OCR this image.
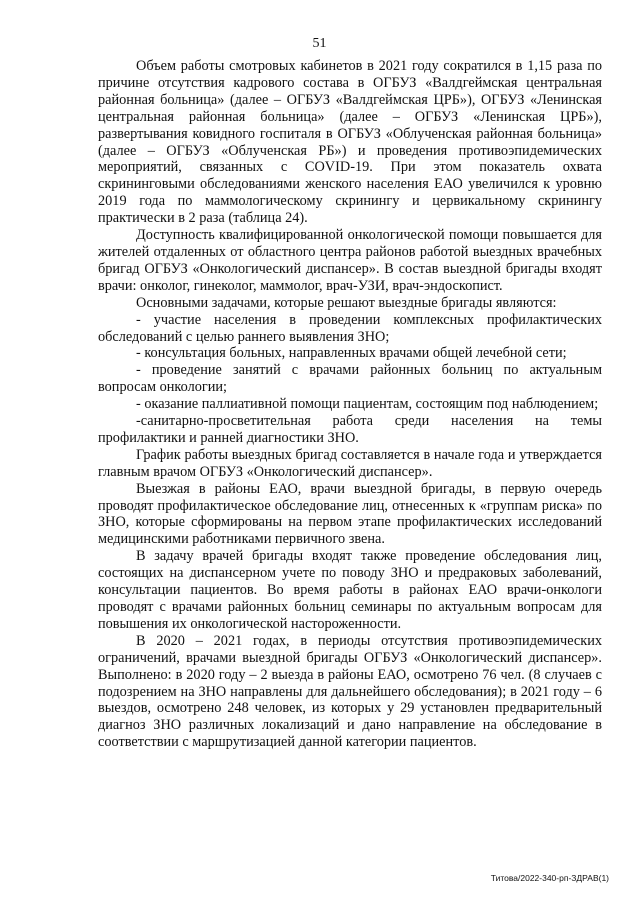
51

Объем работы смотровых кабинетов в 2021 году сократился в 1,15 раза по причине отсутствия кадрового состава в ОГБУЗ «Валдгеймская центральная районная больница» (далее – ОГБУЗ «Валдгеймская ЦРБ»), ОГБУЗ «Ленинская центральная районная больница» (далее – ОГБУЗ «Ленинская ЦРБ»), развертывания ковидного госпиталя в ОГБУЗ «Облученская районная больница» (далее – ОГБУЗ «Облученская РБ») и проведения противоэпидемических мероприятий, связанных с COVID-19. При этом показатель охвата скрининговыми обследованиями женского населения ЕАО увеличился к уровню 2019 года по маммологическому скринингу и цервикальному скринингу практически в 2 раза (таблица 24).

Доступность квалифицированной онкологической помощи повышается для жителей отдаленных от областного центра районов работой выездных врачебных бригад ОГБУЗ «Онкологический диспансер». В состав выездной бригады входят врачи: онколог, гинеколог, маммолог, врач-УЗИ, врач-эндоскопист.

Основными задачами, которые решают выездные бригады являются:

- участие населения в проведении комплексных профилактических обследований с целью раннего выявления ЗНО;

- консультация больных, направленных врачами общей лечебной сети;

- проведение занятий с врачами районных больниц по актуальным вопросам онкологии;

- оказание паллиативной помощи пациентам, состоящим под наблюдением;

-санитарно-просветительная работа среди населения на темы профилактики и ранней диагностики ЗНО.

График работы выездных бригад составляется в начале года и утверждается главным врачом ОГБУЗ «Онкологический диспансер».

Выезжая в районы ЕАО, врачи выездной бригады, в первую очередь проводят профилактическое обследование лиц, отнесенных к «группам риска» по ЗНО, которые сформированы на первом этапе профилактических исследований медицинскими работниками первичного звена.

В задачу врачей бригады входят также проведение обследования лиц, состоящих на диспансерном учете по поводу ЗНО и предраковых заболеваний, консультации пациентов. Во время работы в районах ЕАО врачи-онкологи проводят с врачами районных больниц семинары по актуальным вопросам для повышения их онкологической настороженности.

В 2020 – 2021 годах, в периоды отсутствия противоэпидемических ограничений, врачами выездной бригады ОГБУЗ «Онкологический диспансер». Выполнено: в 2020 году – 2 выезда в районы ЕАО, осмотрено 76 чел. (8 случаев с подозрением на ЗНО направлены для дальнейшего обследования); в 2021 году – 6 выездов, осмотрено 248 человек, из которых у 29 установлен предварительный диагноз ЗНО различных локализаций и дано направление на обследование в соответствии с маршрутизацией данной категории пациентов.

Титова/2022-340-рп-ЗДРАВ(1)
